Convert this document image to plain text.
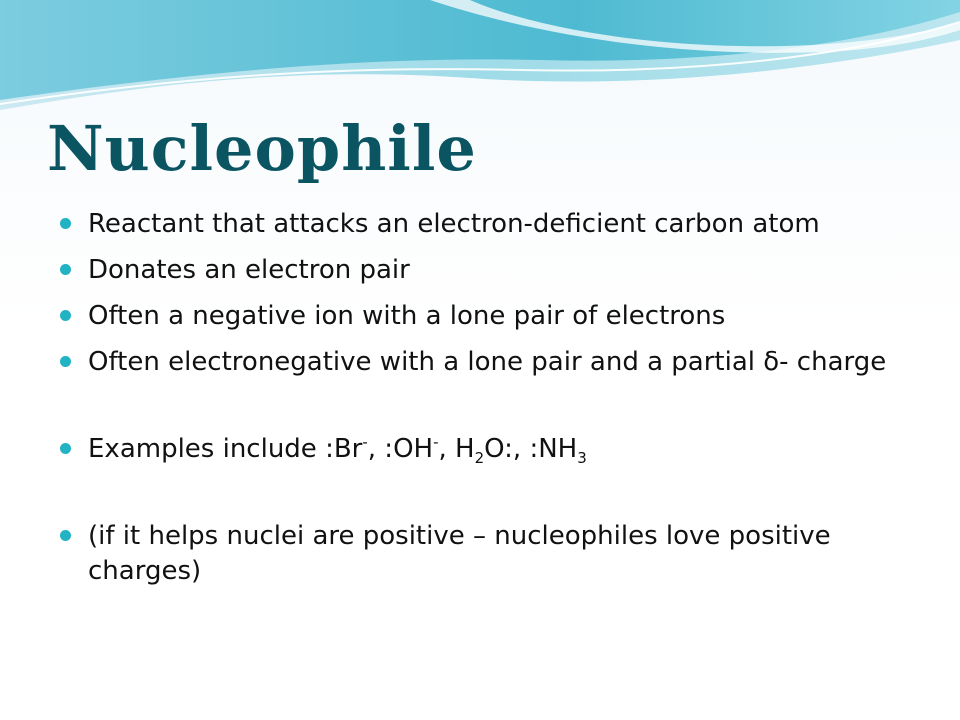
Nucleophile
Reactant that attacks an electron-deficient carbon atom
Donates an electron pair
Often a negative ion with a lone pair of electrons
Often electronegative with a lone pair and a partial δ- charge
Examples include :Br-, :OH-, $H_2O$:, $:NH_3$
(if it helps nuclei are positive – nucleophiles love positive charges)
